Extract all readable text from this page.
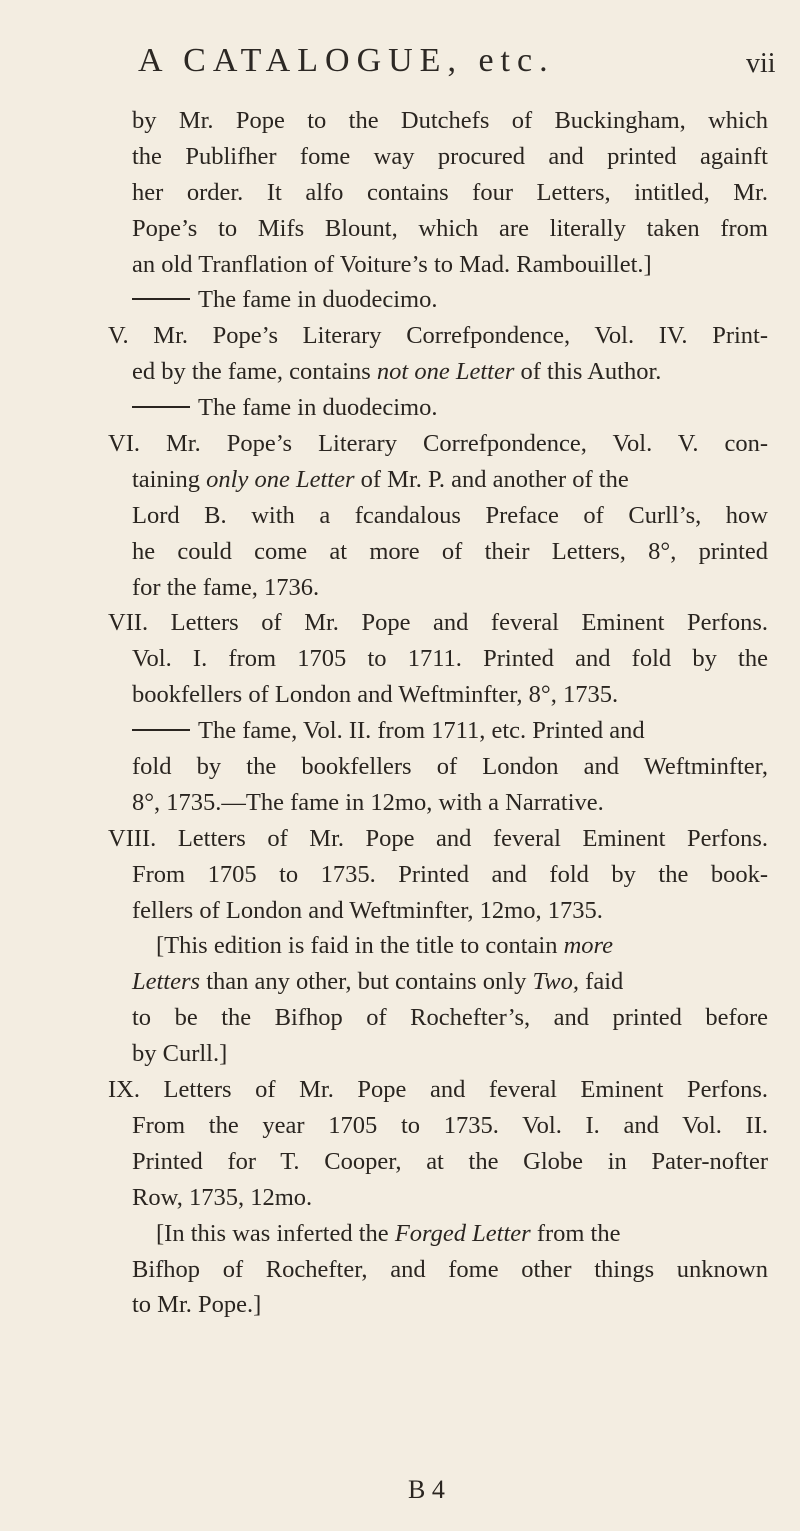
A CATALOGUE, etc.	vii
by Mr. Pope to the Dutchefs of Buckingham, which
the Publifher fome way procured and printed againft
her order. It alfo contains four Letters, intitled, Mr.
Pope’s to Mifs Blount, which are literally taken from
an old Tranflation of Voiture’s to Mad. Rambouillet.]
The fame in duodecimo.
V. Mr. Pope’s Literary Correfpondence, Vol. IV. Print-
ed by the fame, contains not one Letter of this Author.
The fame in duodecimo.
VI. Mr. Pope’s Literary Correfpondence, Vol. V. con-
taining only one Letter of Mr. P. and another of the
Lord B. with a fcandalous Preface of Curll’s, how
he could come at more of their Letters, 8°, printed
for the fame, 1736.
VII. Letters of Mr. Pope and feveral Eminent Perfons.
Vol. I. from 1705 to 1711. Printed and fold by the
bookfellers of London and Weftminfter, 8°, 1735.
The fame, Vol. II. from 1711, etc. Printed and
fold by the bookfellers of London and Weftminfter,
8°, 1735.—The fame in 12mo, with a Narrative.
VIII. Letters of Mr. Pope and feveral Eminent Perfons.
From 1705 to 1735. Printed and fold by the book-
fellers of London and Weftminfter, 12mo, 1735.
[This edition is faid in the title to contain more
Letters than any other, but contains only Two, faid
to be the Bifhop of Rochefter’s, and printed before
by Curll.]
IX. Letters of Mr. Pope and feveral Eminent Perfons.
From the year 1705 to 1735. Vol. I. and Vol. II.
Printed for T. Cooper, at the Globe in Pater-nofter
Row, 1735, 12mo.
[In this was inferted the Forged Letter from the
Bifhop of Rochefter, and fome other things unknown
to Mr. Pope.]
B 4
